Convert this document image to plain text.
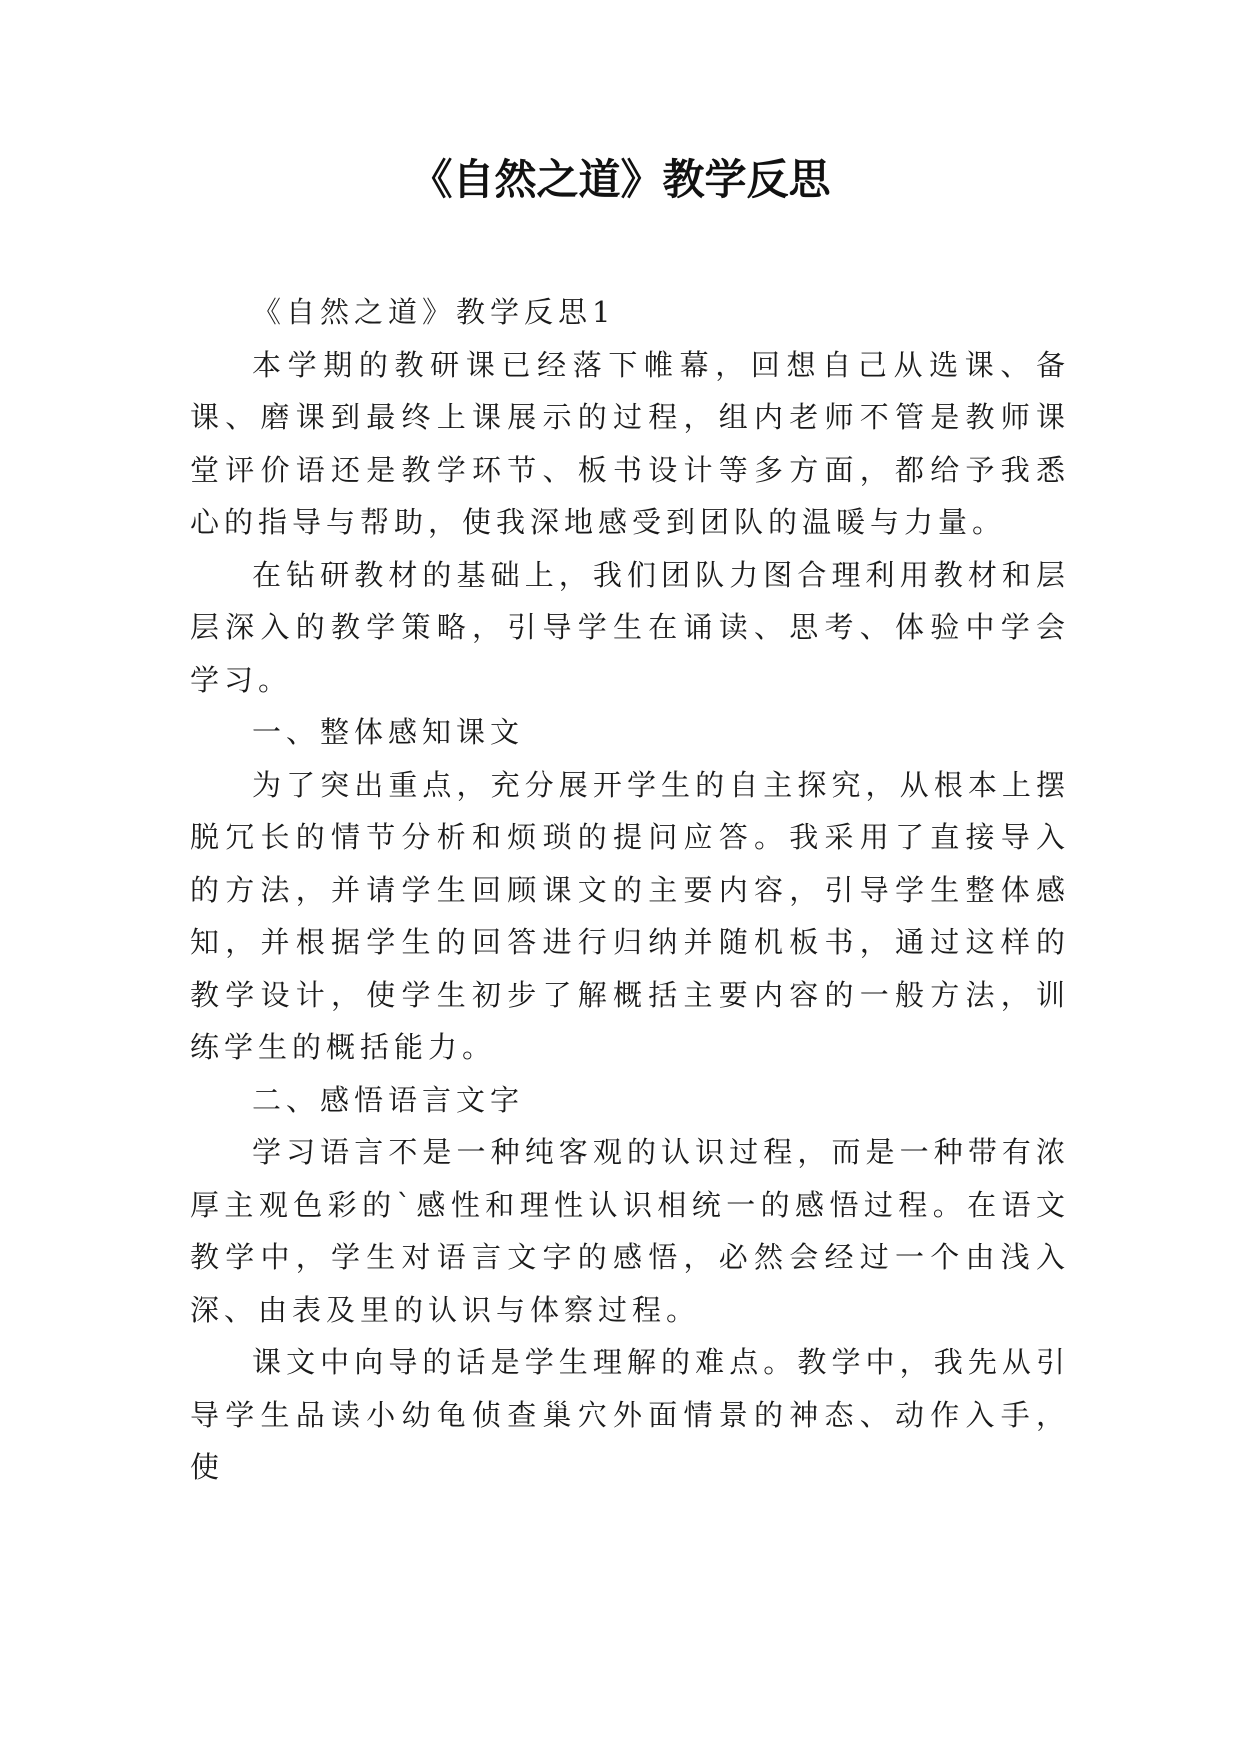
《自然之道》教学反思

《自然之道》教学反思1

本学期的教研课已经落下帷幕，回想自己从选课、备课、磨课到最终上课展示的过程，组内老师不管是教师课堂评价语还是教学环节、板书设计等多方面，都给予我悉心的指导与帮助，使我深地感受到团队的温暖与力量。

在钻研教材的基础上，我们团队力图合理利用教材和层层深入的教学策略，引导学生在诵读、思考、体验中学会学习。

一、整体感知课文

为了突出重点，充分展开学生的自主探究，从根本上摆脱冗长的情节分析和烦琐的提问应答。我采用了直接导入的方法，并请学生回顾课文的主要内容，引导学生整体感知，并根据学生的回答进行归纳并随机板书，通过这样的教学设计，使学生初步了解概括主要内容的一般方法，训练学生的概括能力。

二、感悟语言文字

学习语言不是一种纯客观的认识过程，而是一种带有浓厚主观色彩的`感性和理性认识相统一的感悟过程。在语文教学中，学生对语言文字的感悟，必然会经过一个由浅入深、由表及里的认识与体察过程。

课文中向导的话是学生理解的难点。教学中，我先从引导学生品读小幼龟侦查巢穴外面情景的神态、动作入手，使
